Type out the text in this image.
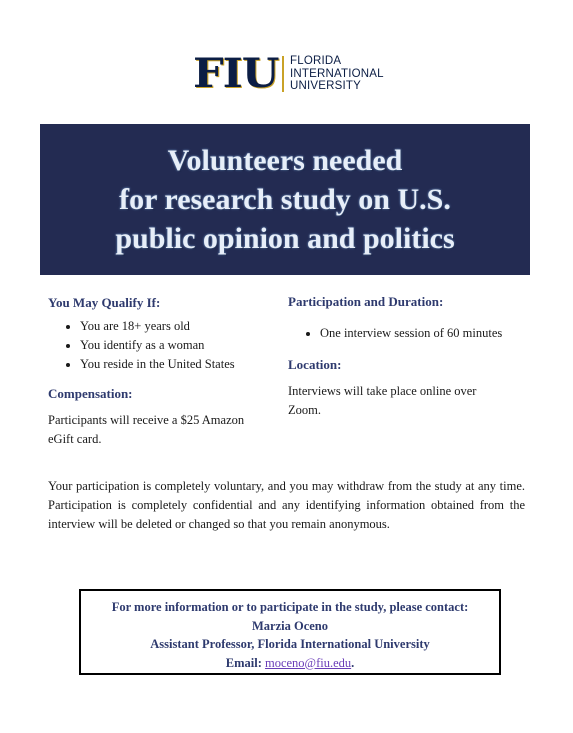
FIU FLORIDA
INTERNATIONAL
UNIVERSITY
Volunteers needed
for research study on U.S.
public opinion and politics

You May Qualify If:

• You are 18+ years old
• You identify as a woman
• You reside in the United States

Compensation:

Participants will receive a $25 Amazon eGift card.

Participation and Duration:

• One interview session of 60 minutes

Location:

Interviews will take place online over Zoom.

Your participation is completely voluntary, and you may withdraw from the study at any time. Participation is completely confidential and any identifying information obtained from the interview will be deleted or changed so that you remain anonymous.

For more information or to participate in the study, please contact:
Marzia Oceno
Assistant Professor, Florida International University
Email: moceno@fiu.edu.
